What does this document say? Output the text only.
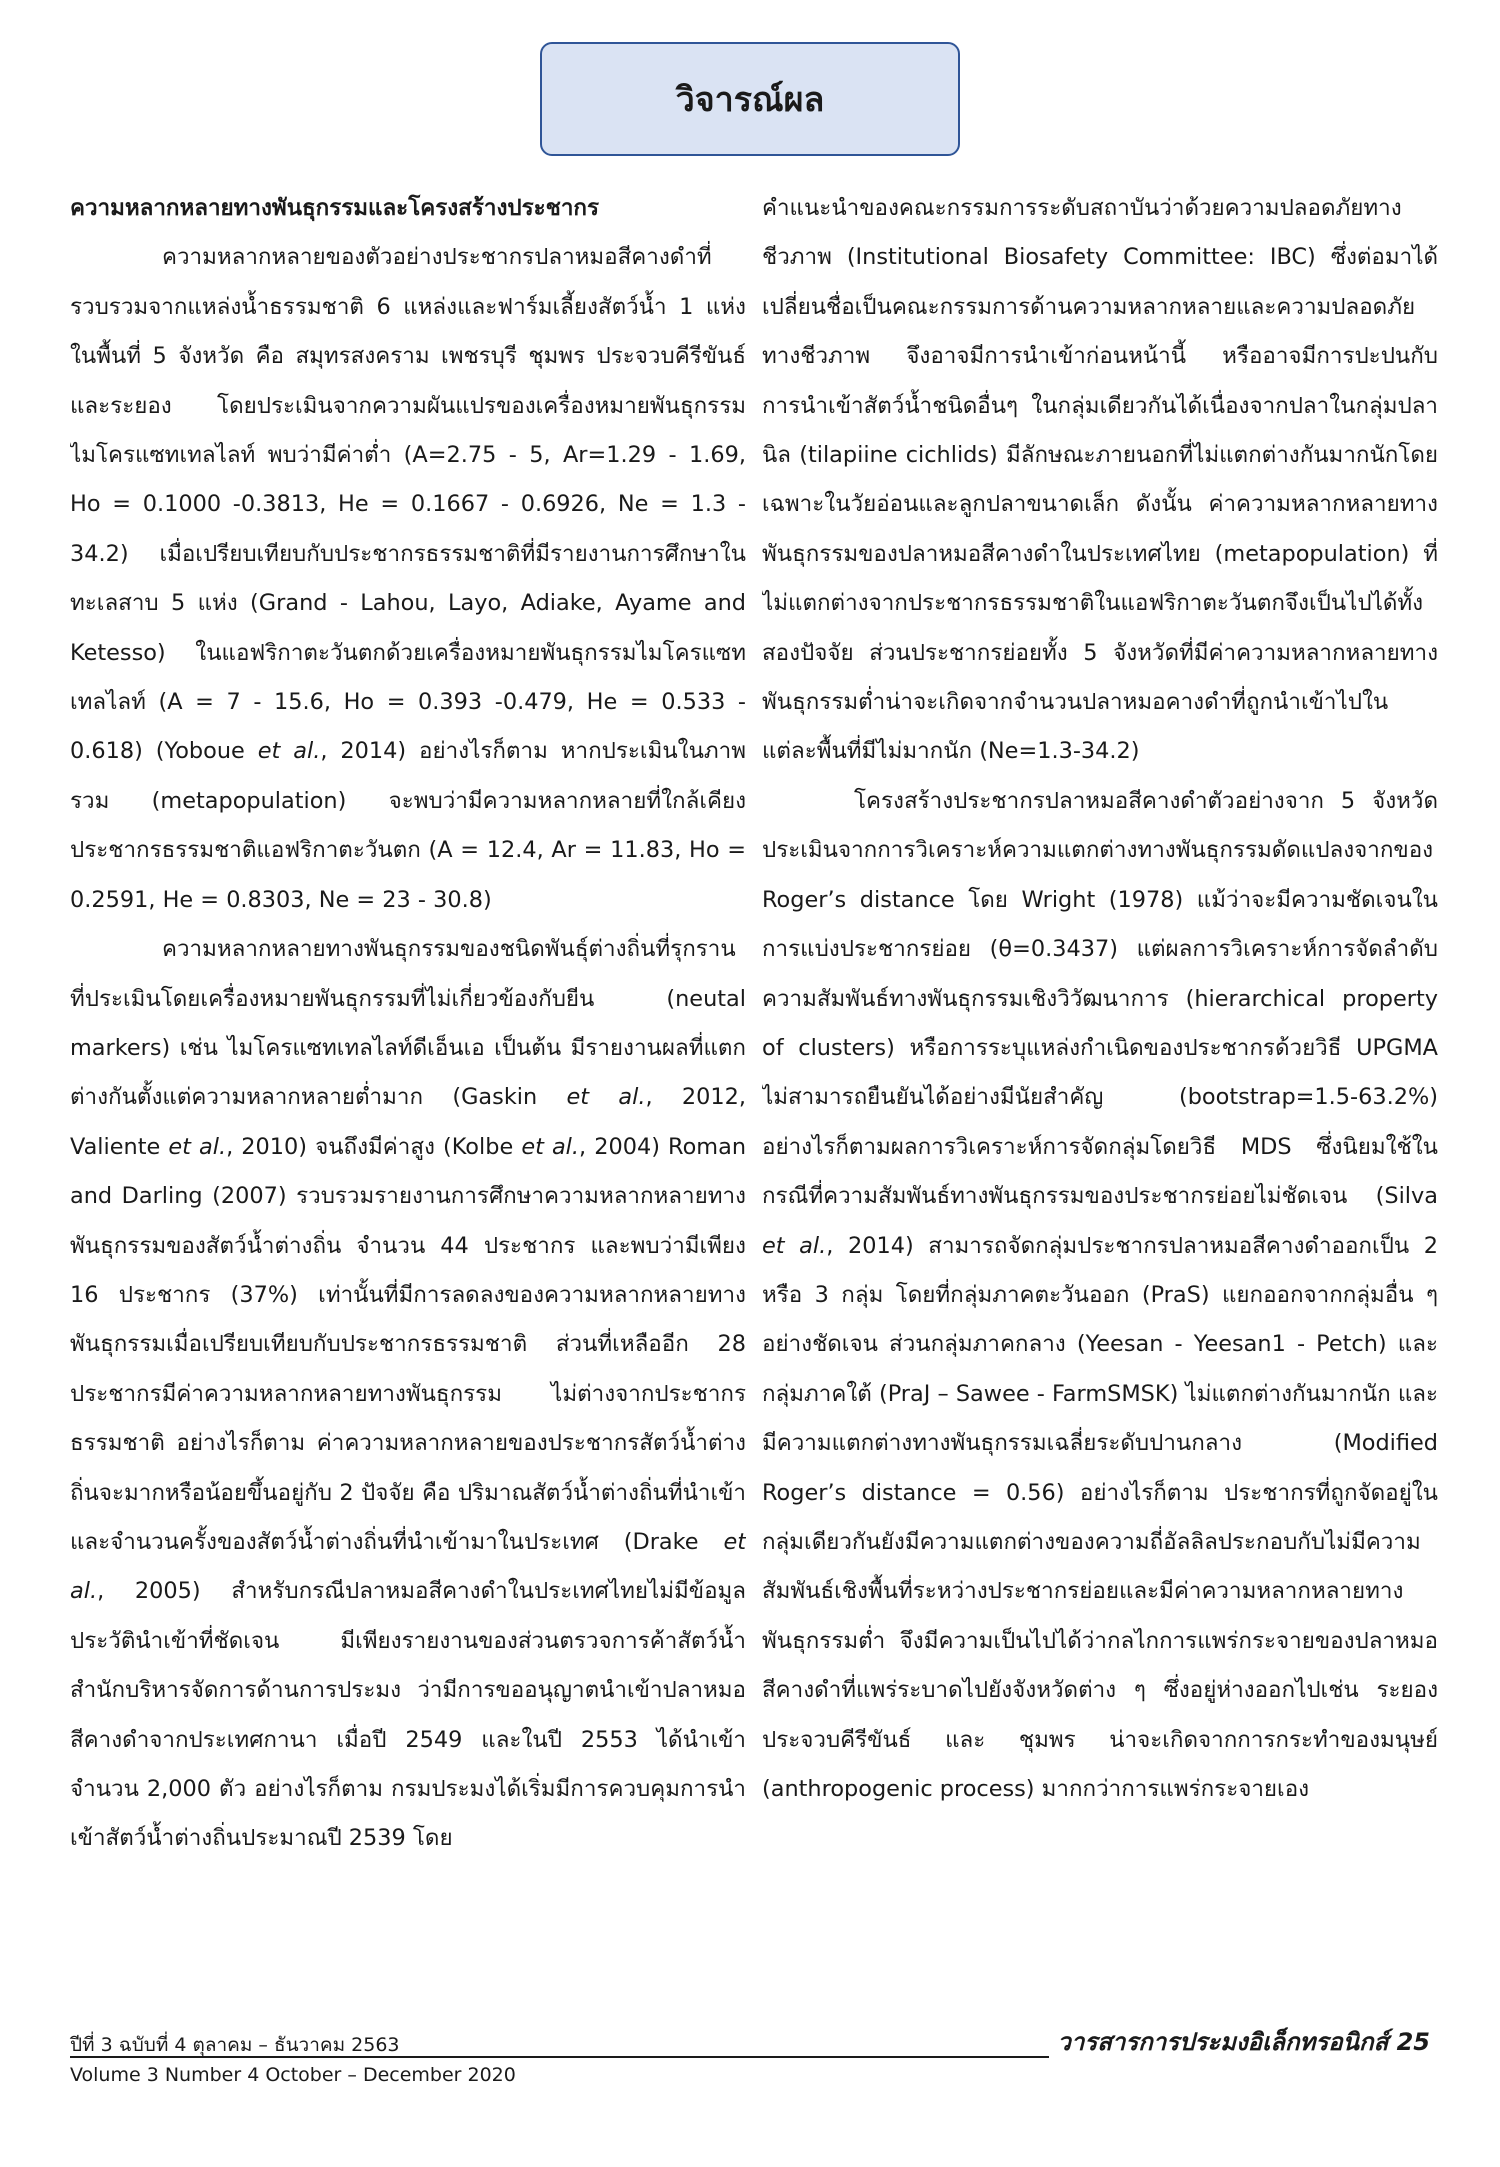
วิจารณ์ผล
ความหลากหลายทางพันธุกรรมและโครงสร้างประชากร

ความหลากหลายของตัวอย่างประชากรปลาหมอสีคางดำที่รวบรวมจากแหล่งน้ำธรรมชาติ 6 แหล่งและฟาร์มเลี้ยงสัตว์น้ำ 1 แห่งในพื้นที่ 5 จังหวัด คือ สมุทรสงคราม เพชรบุรี ชุมพร ประจวบคีรีขันธ์ และระยอง โดยประเมินจากความผันแปรของเครื่องหมายพันธุกรรมไมโครแซทเทลไลท์ พบว่ามีค่าต่ำ (A=2.75 - 5, Ar=1.29 - 1.69, Ho = 0.1000 -0.3813, He = 0.1667 - 0.6926, Ne = 1.3 - 34.2) เมื่อเปรียบเทียบกับประชากรธรรมชาติที่มีรายงานการศึกษาในทะเลสาบ 5 แห่ง (Grand - Lahou, Layo, Adiake, Ayame and Ketesso) ในแอฟริกาตะวันตกด้วยเครื่องหมายพันธุกรรมไมโครแซทเทลไลท์ (A = 7 - 15.6, Ho = 0.393 -0.479, He = 0.533 - 0.618) (Yoboue et al., 2014) อย่างไรก็ตาม หากประเมินในภาพรวม (metapopulation) จะพบว่ามีความหลากหลายที่ใกล้เคียงประชากรธรรมชาติแอฟริกาตะวันตก (A = 12.4, Ar = 11.83, Ho = 0.2591, He = 0.8303, Ne = 23 - 30.8)

ความหลากหลายทางพันธุกรรมของชนิดพันธุ์ต่างถิ่นที่รุกรานที่ประเมินโดยเครื่องหมายพันธุกรรมที่ไม่เกี่ยวข้องกับยีน (neutal markers) เช่น ไมโครแซทเทลไลท์ดีเอ็นเอ เป็นต้น มีรายงานผลที่แตกต่างกันตั้งแต่ความหลากหลายต่ำมาก (Gaskin et al., 2012, Valiente et al., 2010) จนถึงมีค่าสูง (Kolbe et al., 2004) Roman and Darling (2007) รวบรวมรายงานการศึกษาความหลากหลายทางพันธุกรรมของสัตว์น้ำต่างถิ่น จำนวน 44 ประชากร และพบว่ามีเพียง 16 ประชากร (37%) เท่านั้นที่มีการลดลงของความหลากหลายทางพันธุกรรมเมื่อเปรียบเทียบกับประชากรธรรมชาติ ส่วนที่เหลืออีก 28 ประชากรมีค่าความหลากหลายทางพันธุกรรม ไม่ต่างจากประชากรธรรมชาติ อย่างไรก็ตาม ค่าความหลากหลายของประชากรสัตว์น้ำต่างถิ่นจะมากหรือน้อยขึ้นอยู่กับ 2 ปัจจัย คือ ปริมาณสัตว์น้ำต่างถิ่นที่นำเข้า และจำนวนครั้งของสัตว์น้ำต่างถิ่นที่นำเข้ามาในประเทศ (Drake et al., 2005) สำหรับกรณีปลาหมอสีคางดำในประเทศไทยไม่มีข้อมูลประวัตินำเข้าที่ชัดเจน มีเพียงรายงานของส่วนตรวจการค้าสัตว์น้ำ สำนักบริหารจัดการด้านการประมง ว่ามีการขออนุญาตนำเข้าปลาหมอสีคางดำจากประเทศกานา เมื่อปี 2549 และในปี 2553 ได้นำเข้าจำนวน 2,000 ตัว อย่างไรก็ตาม กรมประมงได้เริ่มมีการควบคุมการนำเข้าสัตว์น้ำต่างถิ่นประมาณปี 2539 โดย

คำแนะนำของคณะกรรมการระดับสถาบันว่าด้วยความปลอดภัยทางชีวภาพ (Institutional Biosafety Committee: IBC) ซึ่งต่อมาได้เปลี่ยนชื่อเป็นคณะกรรมการด้านความหลากหลายและความปลอดภัยทางชีวภาพ จึงอาจมีการนำเข้าก่อนหน้านี้ หรืออาจมีการปะปนกับการนำเข้าสัตว์น้ำชนิดอื่นๆ ในกลุ่มเดียวกันได้เนื่องจากปลาในกลุ่มปลานิล (tilapiine cichlids) มีลักษณะภายนอกที่ไม่แตกต่างกันมากนักโดยเฉพาะในวัยอ่อนและลูกปลาขนาดเล็ก ดังนั้น ค่าความหลากหลายทางพันธุกรรมของปลาหมอสีคางดำในประเทศไทย (metapopulation) ที่ไม่แตกต่างจากประชากรธรรมชาติในแอฟริกาตะวันตกจึงเป็นไปได้ทั้งสองปัจจัย ส่วนประชากรย่อยทั้ง 5 จังหวัดที่มีค่าความหลากหลายทางพันธุกรรมต่ำน่าจะเกิดจากจำนวนปลาหมอคางดำที่ถูกนำเข้าไปในแต่ละพื้นที่มีไม่มากนัก (Ne=1.3-34.2)

โครงสร้างประชากรปลาหมอสีคางดำตัวอย่างจาก 5 จังหวัด ประเมินจากการวิเคราะห์ความแตกต่างทางพันธุกรรมดัดแปลงจากของ Roger’s distance โดย Wright (1978) แม้ว่าจะมีความชัดเจนในการแบ่งประชากรย่อย (θ=0.3437) แต่ผลการวิเคราะห์การจัดลำดับความสัมพันธ์ทางพันธุกรรมเชิงวิวัฒนาการ (hierarchical property of clusters) หรือการระบุแหล่งกำเนิดของประชากรด้วยวิธี UPGMA ไม่สามารถยืนยันได้อย่างมีนัยสำคัญ (bootstrap=1.5-63.2%) อย่างไรก็ตามผลการวิเคราะห์การจัดกลุ่มโดยวิธี MDS ซึ่งนิยมใช้ในกรณีที่ความสัมพันธ์ทางพันธุกรรมของประชากรย่อยไม่ชัดเจน (Silva et al., 2014) สามารถจัดกลุ่มประชากรปลาหมอสีคางดำออกเป็น 2 หรือ 3 กลุ่ม โดยที่กลุ่มภาคตะวันออก (PraS) แยกออกจากกลุ่มอื่น ๆ อย่างชัดเจน ส่วนกลุ่มภาคกลาง (Yeesan - Yeesan1 - Petch) และกลุ่มภาคใต้ (PraJ – Sawee - FarmSMSK) ไม่แตกต่างกันมากนัก และมีความแตกต่างทางพันธุกรรมเฉลี่ยระดับปานกลาง (Modified Roger’s distance = 0.56) อย่างไรก็ตาม ประชากรที่ถูกจัดอยู่ในกลุ่มเดียวกันยังมีความแตกต่างของความถี่อัลลิลประกอบกับไม่มีความสัมพันธ์เชิงพื้นที่ระหว่างประชากรย่อยและมีค่าความหลากหลายทางพันธุกรรมต่ำ จึงมีความเป็นไปได้ว่ากลไกการแพร่กระจายของปลาหมอสีคางดำที่แพร่ระบาดไปยังจังหวัดต่าง ๆ ซึ่งอยู่ห่างออกไปเช่น ระยอง ประจวบคีรีขันธ์ และ ชุมพร น่าจะเกิดจากการกระทำของมนุษย์ (anthropogenic process) มากกว่าการแพร่กระจายเอง

ปีที่ 3 ฉบับที่ 4 ตุลาคม – ธันวาคม 2563	วารสารการประมงอิเล็กทรอนิกส์ 25
Volume 3 Number 4 October – December 2020
